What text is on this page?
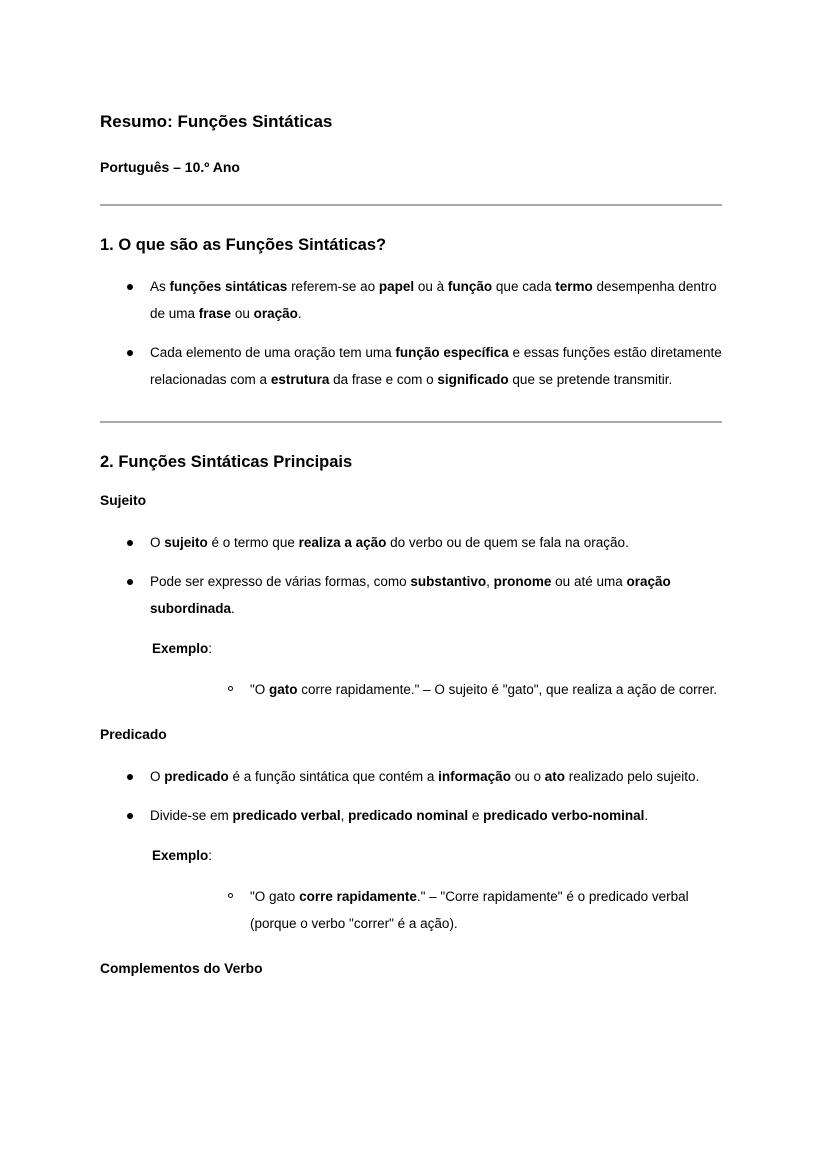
Resumo: Funções Sintáticas
Português – 10.º Ano
1. O que são as Funções Sintáticas?
As funções sintáticas referem-se ao papel ou à função que cada termo desempenha dentro de uma frase ou oração.
Cada elemento de uma oração tem uma função específica e essas funções estão diretamente relacionadas com a estrutura da frase e com o significado que se pretende transmitir.
2. Funções Sintáticas Principais
Sujeito
O sujeito é o termo que realiza a ação do verbo ou de quem se fala na oração.
Pode ser expresso de várias formas, como substantivo, pronome ou até uma oração subordinada.
Exemplo:
"O gato corre rapidamente." – O sujeito é "gato", que realiza a ação de correr.
Predicado
O predicado é a função sintática que contém a informação ou o ato realizado pelo sujeito.
Divide-se em predicado verbal, predicado nominal e predicado verbo-nominal.
Exemplo:
"O gato corre rapidamente." – "Corre rapidamente" é o predicado verbal (porque o verbo "correr" é a ação).
Complementos do Verbo
